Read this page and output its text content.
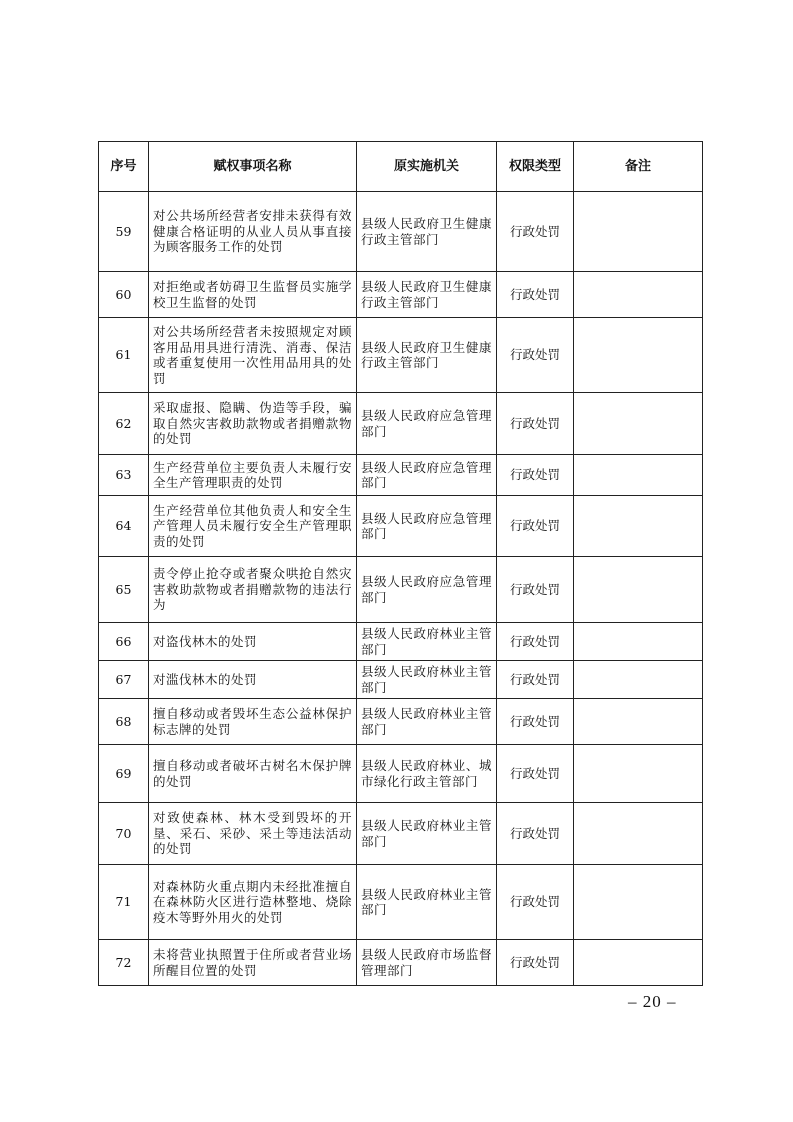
序号	赋权事项名称	原实施机关	权限类型	备注
59	对公共场所经营者安排未获得有效健康合格证明的从业人员从事直接为顾客服务工作的处罚	县级人民政府卫生健康行政主管部门	行政处罚	
60	对拒绝或者妨碍卫生监督员实施学校卫生监督的处罚	县级人民政府卫生健康行政主管部门	行政处罚	
61	对公共场所经营者未按照规定对顾客用品用具进行清洗、消毒、保洁或者重复使用一次性用品用具的处罚	县级人民政府卫生健康行政主管部门	行政处罚	
62	采取虚报、隐瞒、伪造等手段，骗取自然灾害救助款物或者捐赠款物的处罚	县级人民政府应急管理部门	行政处罚	
63	生产经营单位主要负责人未履行安全生产管理职责的处罚	县级人民政府应急管理部门	行政处罚	
64	生产经营单位其他负责人和安全生产管理人员未履行安全生产管理职责的处罚	县级人民政府应急管理部门	行政处罚	
65	责令停止抢夺或者聚众哄抢自然灾害救助款物或者捐赠款物的违法行为	县级人民政府应急管理部门	行政处罚	
66	对盗伐林木的处罚	县级人民政府林业主管部门	行政处罚	
67	对滥伐林木的处罚	县级人民政府林业主管部门	行政处罚	
68	擅自移动或者毁坏生态公益林保护标志牌的处罚	县级人民政府林业主管部门	行政处罚	
69	擅自移动或者破坏古树名木保护牌的处罚	县级人民政府林业、城市绿化行政主管部门	行政处罚	
70	对致使森林、林木受到毁坏的开垦、采石、采砂、采土等违法活动的处罚	县级人民政府林业主管部门	行政处罚	
71	对森林防火重点期内未经批准擅自在森林防火区进行造林整地、烧除疫木等野外用火的处罚	县级人民政府林业主管部门	行政处罚	
72	未将营业执照置于住所或者营业场所醒目位置的处罚	县级人民政府市场监督管理部门	行政处罚	
– 20 –
